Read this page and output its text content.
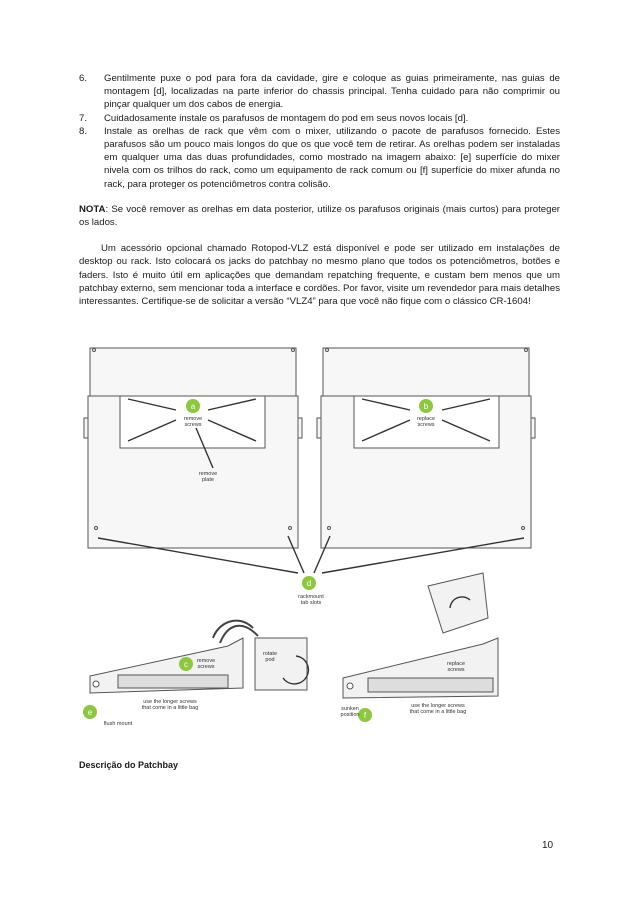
6.	Gentilmente puxe o pod para fora da cavidade, gire e coloque as guias primeiramente, nas guias de montagem [d], localizadas na parte inferior do chassis principal. Tenha cuidado para não comprimir ou pinçar qualquer um dos cabos de energia.
7.	Cuidadosamente instale os parafusos de montagem do pod em seus novos locais [d].
8.	Instale as orelhas de rack que vêm com o mixer, utilizando o pacote de parafusos fornecido. Estes parafusos são um pouco mais longos do que os que você tem de retirar. As orelhas podem ser instaladas em qualquer uma das duas profundidades, como mostrado na imagem abaixo: [e] superfície do mixer nivela com os trilhos do rack, como um equipamento de rack comum ou [f] superfície do mixer afunda no rack, para proteger os potenciômetros contra colisão.

NOTA: Se você remover as orelhas em data posterior, utilize os parafusos originais (mais curtos) para proteger os lados.

Um acessório opcional chamado Rotopod-VLZ está disponível e pode ser utilizado em instalações de desktop ou rack. Isto colocará os jacks do patchbay no mesmo plano que todos os potenciômetros, botões e faders. Isto é muito útil em aplicações que demandam repatching frequente, e custam bem menos que um patchbay externo, sem mencionar toda a interface e cordões. Por favor, visite um revendedor para mais detalhes interessantes. Certifique-se de solicitar a versão “VLZ4” para que você não fique com o clássico CR-1604!

a	b
d
c
e	f
remove
screws
replace
screws
remove
plate
rackmount
tab slots
remove
screws
rotate
pod
replace
screws
use the longer screws
that come in a little bag	use the longer screws
that come in a little bag
flush mount
sunken
position
Descrição do Patchbay
10
